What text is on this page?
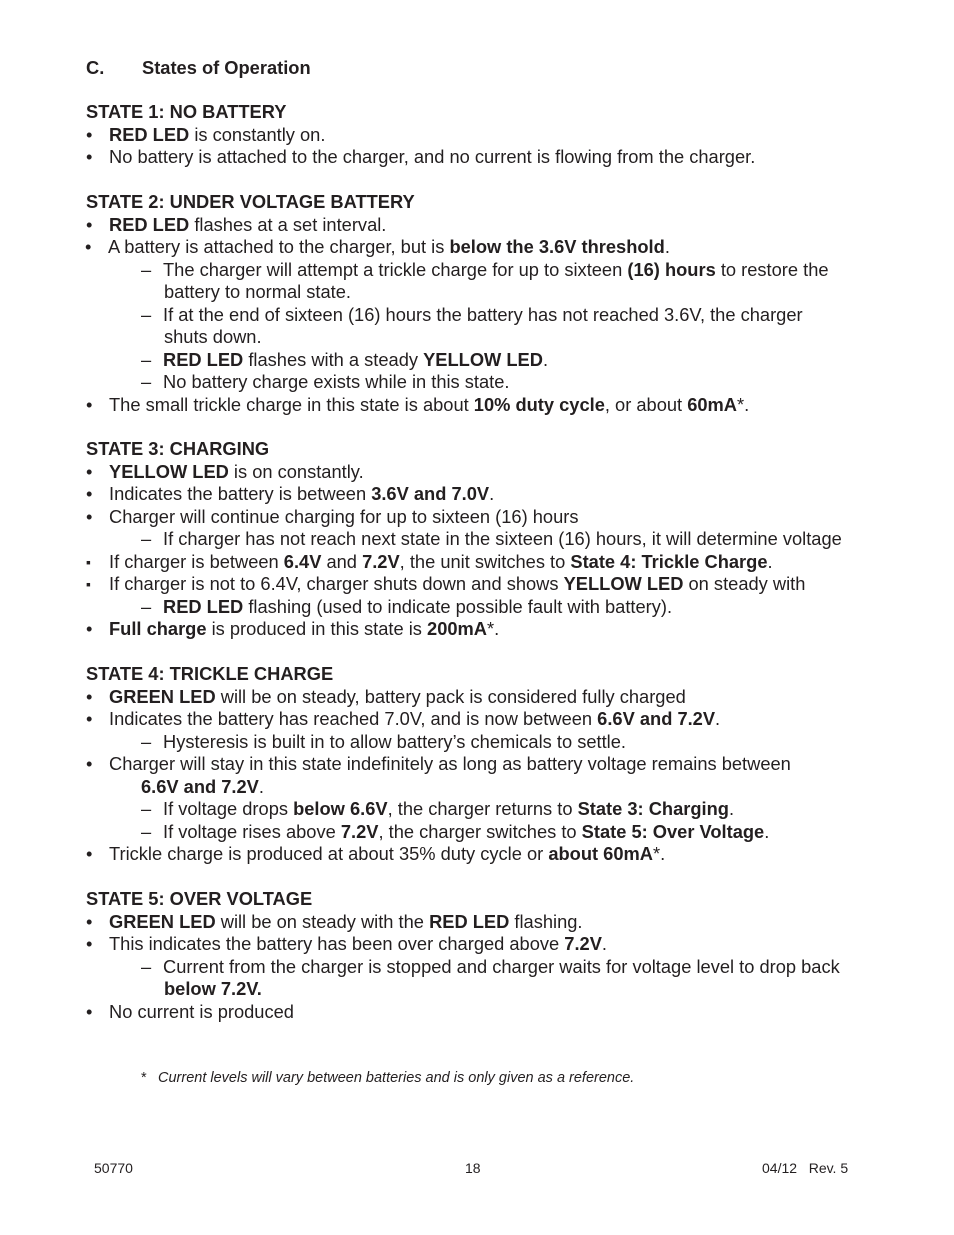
C. States of Operation
STATE 1: NO BATTERY
• RED LED is constantly on.
• No battery is attached to the charger, and no current is flowing from the charger.
STATE 2: UNDER VOLTAGE BATTERY
• RED LED flashes at a set interval.
• A battery is attached to the charger, but is below the 3.6V threshold.
– The charger will attempt a trickle charge for up to sixteen (16) hours to restore the
battery to normal state.
– If at the end of sixteen (16) hours the battery has not reached 3.6V, the charger
shuts down.
– RED LED flashes with a steady YELLOW LED.
– No battery charge exists while in this state.
• The small trickle charge in this state is about 10% duty cycle, or about 60mA*.
STATE 3: CHARGING
• YELLOW LED is on constantly.
• Indicates the battery is between 3.6V and 7.0V.
• Charger will continue charging for up to sixteen (16) hours
– If charger has not reach next state in the sixteen (16) hours, it will determine voltage
▪ If charger is between 6.4V and 7.2V, the unit switches to State 4: Trickle Charge.
▪ If charger is not to 6.4V, charger shuts down and shows YELLOW LED on steady with
– RED LED flashing (used to indicate possible fault with battery).
• Full charge is produced in this state is 200mA*.
STATE 4: TRICKLE CHARGE
• GREEN LED will be on steady, battery pack is considered fully charged
• Indicates the battery has reached 7.0V, and is now between 6.6V and 7.2V.
– Hysteresis is built in to allow battery’s chemicals to settle.
• Charger will stay in this state indefinitely as long as battery voltage remains between
6.6V and 7.2V.
– If voltage drops below 6.6V, the charger returns to State 3: Charging.
– If voltage rises above 7.2V, the charger switches to State 5: Over Voltage.
• Trickle charge is produced at about 35% duty cycle or about 60mA*.
STATE 5: OVER VOLTAGE
• GREEN LED will be on steady with the RED LED flashing.
• This indicates the battery has been over charged above 7.2V.
– Current from the charger is stopped and charger waits for voltage level to drop back
below 7.2V.
• No current is produced
* Current levels will vary between batteries and is only given as a reference.
50770	18	04/12   Rev. 5
